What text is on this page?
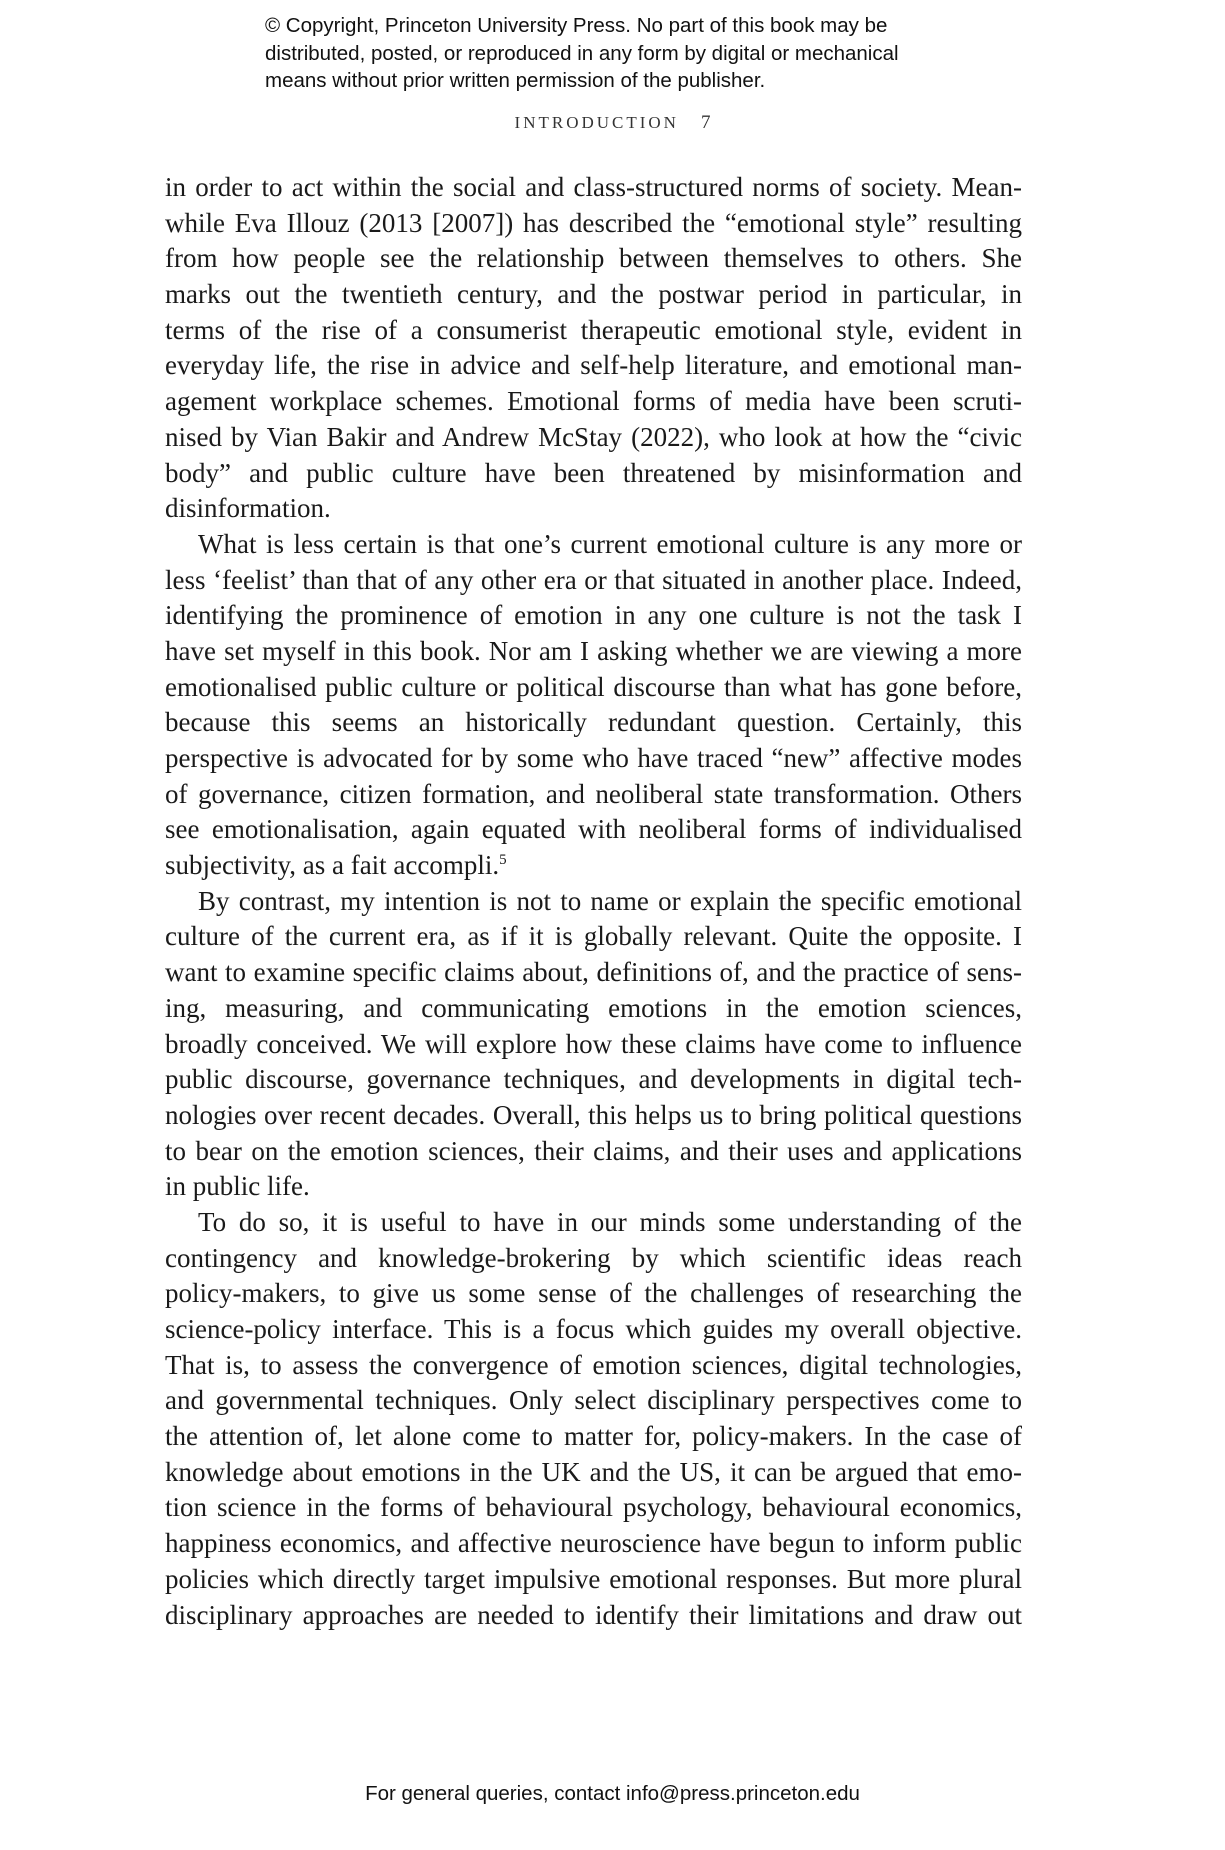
© Copyright, Princeton University Press. No part of this book may be
distributed, posted, or reproduced in any form by digital or mechanical
means without prior written permission of the publisher.
INTRODUCTION 7
in order to act within the social and class-structured norms of society. Mean-
while Eva Illouz (2013 [2007]) has described the “emotional style” resulting
from how people see the relationship between themselves to others. She
marks out the twentieth century, and the postwar period in particular, in
terms of the rise of a consumerist therapeutic emotional style, evident in
everyday life, the rise in advice and self-help literature, and emotional man-
agement workplace schemes. Emotional forms of media have been scruti-
nised by Vian Bakir and Andrew McStay (2022), who look at how the “civic
body” and public culture have been threatened by misinformation and
disinformation.
What is less certain is that one’s current emotional culture is any more or
less ‘feelist’ than that of any other era or that situated in another place. Indeed,
identifying the prominence of emotion in any one culture is not the task I
have set myself in this book. Nor am I asking whether we are viewing a more
emotionalised public culture or political discourse than what has gone before,
because this seems an historically redundant question. Certainly, this
perspective is advocated for by some who have traced “new” affective modes
of governance, citizen formation, and neoliberal state transformation. Others
see emotionalisation, again equated with neoliberal forms of individualised
subjectivity, as a fait accompli.$^5$
By contrast, my intention is not to name or explain the specific emotional
culture of the current era, as if it is globally relevant. Quite the opposite. I
want to examine specific claims about, definitions of, and the practice of sens-
ing, measuring, and communicating emotions in the emotion sciences,
broadly conceived. We will explore how these claims have come to influence
public discourse, governance techniques, and developments in digital tech-
nologies over recent decades. Overall, this helps us to bring political questions
to bear on the emotion sciences, their claims, and their uses and applications
in public life.
To do so, it is useful to have in our minds some understanding of the
contingency and knowledge-brokering by which scientific ideas reach
policy-makers, to give us some sense of the challenges of researching the
science-policy interface. This is a focus which guides my overall objective.
That is, to assess the convergence of emotion sciences, digital technologies,
and governmental techniques. Only select disciplinary perspectives come to
the attention of, let alone come to matter for, policy-makers. In the case of
knowledge about emotions in the UK and the US, it can be argued that emo-
tion science in the forms of behavioural psychology, behavioural economics,
happiness economics, and affective neuroscience have begun to inform public
policies which directly target impulsive emotional responses. But more plural
disciplinary approaches are needed to identify their limitations and draw out
For general queries, contact info@press.princeton.edu
